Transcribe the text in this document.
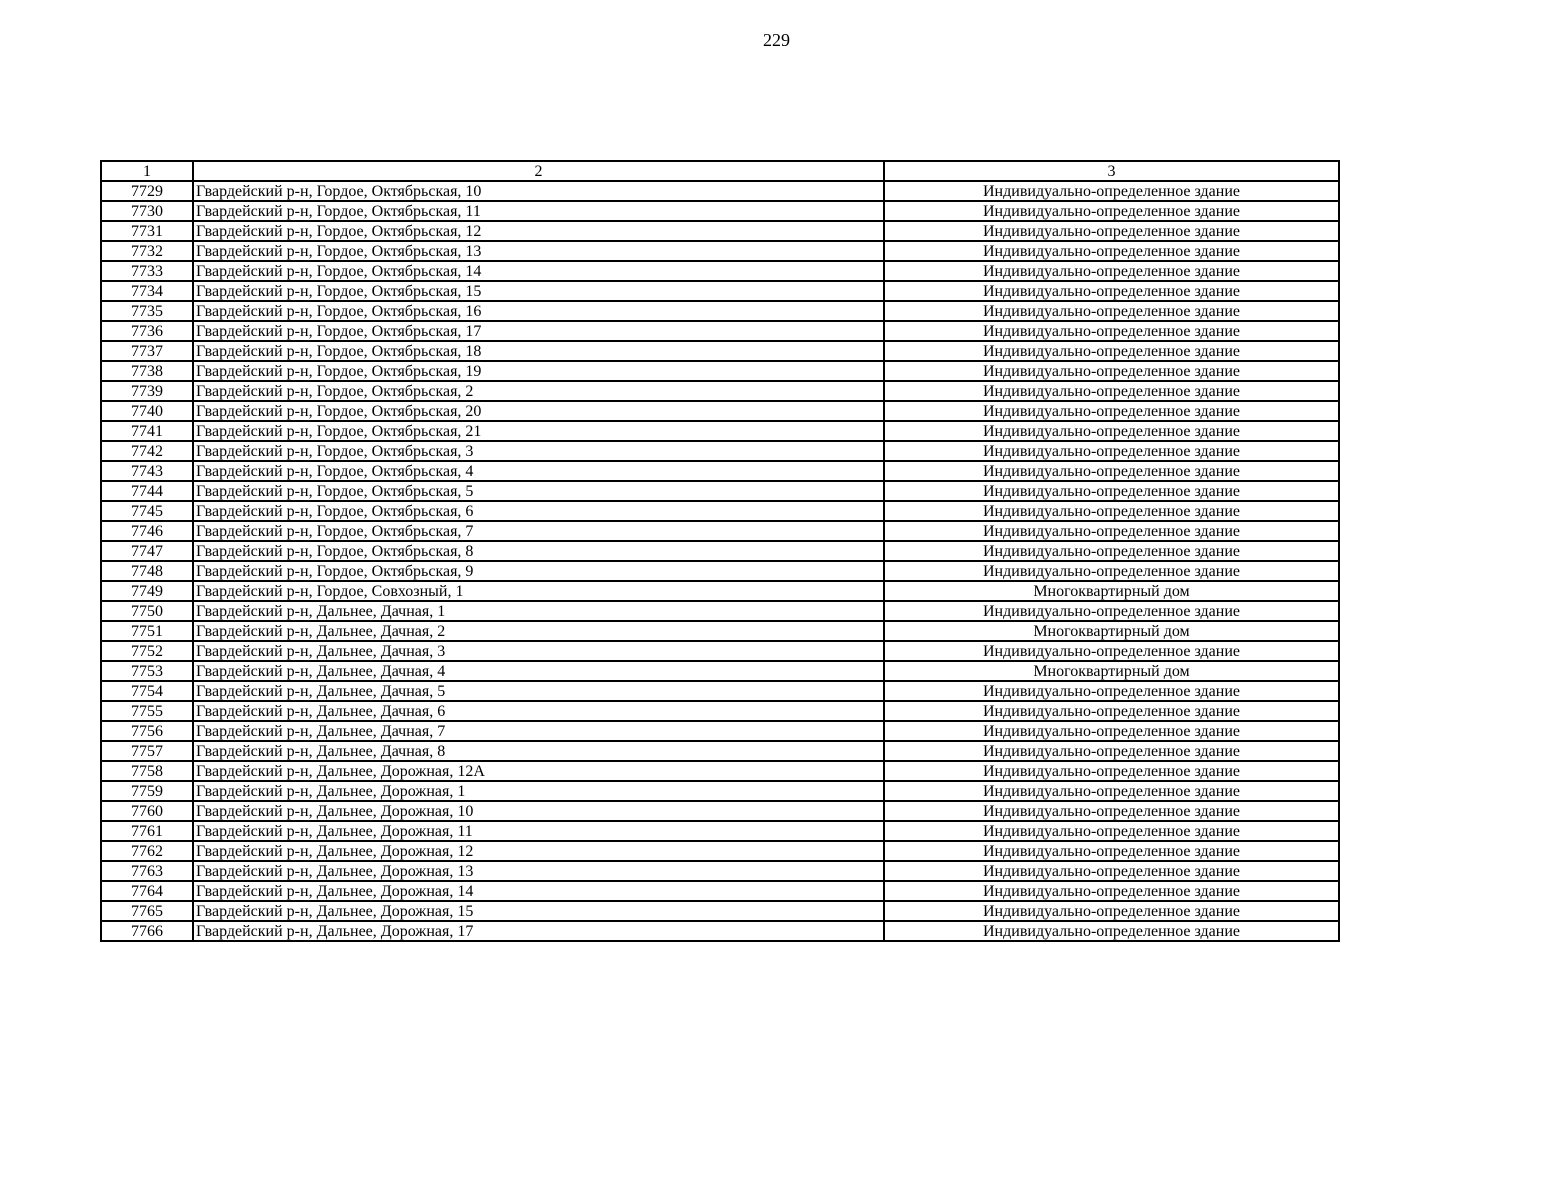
229
1	2	3
7729	Гвардейский р-н, Гордое, Октябрьская, 10	Индивидуально-определенное здание
7730	Гвардейский р-н, Гордое, Октябрьская, 11	Индивидуально-определенное здание
7731	Гвардейский р-н, Гордое, Октябрьская, 12	Индивидуально-определенное здание
7732	Гвардейский р-н, Гордое, Октябрьская, 13	Индивидуально-определенное здание
7733	Гвардейский р-н, Гордое, Октябрьская, 14	Индивидуально-определенное здание
7734	Гвардейский р-н, Гордое, Октябрьская, 15	Индивидуально-определенное здание
7735	Гвардейский р-н, Гордое, Октябрьская, 16	Индивидуально-определенное здание
7736	Гвардейский р-н, Гордое, Октябрьская, 17	Индивидуально-определенное здание
7737	Гвардейский р-н, Гордое, Октябрьская, 18	Индивидуально-определенное здание
7738	Гвардейский р-н, Гордое, Октябрьская, 19	Индивидуально-определенное здание
7739	Гвардейский р-н, Гордое, Октябрьская, 2	Индивидуально-определенное здание
7740	Гвардейский р-н, Гордое, Октябрьская, 20	Индивидуально-определенное здание
7741	Гвардейский р-н, Гордое, Октябрьская, 21	Индивидуально-определенное здание
7742	Гвардейский р-н, Гордое, Октябрьская, 3	Индивидуально-определенное здание
7743	Гвардейский р-н, Гордое, Октябрьская, 4	Индивидуально-определенное здание
7744	Гвардейский р-н, Гордое, Октябрьская, 5	Индивидуально-определенное здание
7745	Гвардейский р-н, Гордое, Октябрьская, 6	Индивидуально-определенное здание
7746	Гвардейский р-н, Гордое, Октябрьская, 7	Индивидуально-определенное здание
7747	Гвардейский р-н, Гордое, Октябрьская, 8	Индивидуально-определенное здание
7748	Гвардейский р-н, Гордое, Октябрьская, 9	Индивидуально-определенное здание
7749	Гвардейский р-н, Гордое, Совхозный, 1	Многоквартирный дом
7750	Гвардейский р-н, Дальнее, Дачная, 1	Индивидуально-определенное здание
7751	Гвардейский р-н, Дальнее, Дачная, 2	Многоквартирный дом
7752	Гвардейский р-н, Дальнее, Дачная, 3	Индивидуально-определенное здание
7753	Гвардейский р-н, Дальнее, Дачная, 4	Многоквартирный дом
7754	Гвардейский р-н, Дальнее, Дачная, 5	Индивидуально-определенное здание
7755	Гвардейский р-н, Дальнее, Дачная, 6	Индивидуально-определенное здание
7756	Гвардейский р-н, Дальнее, Дачная, 7	Индивидуально-определенное здание
7757	Гвардейский р-н, Дальнее, Дачная, 8	Индивидуально-определенное здание
7758	Гвардейский р-н, Дальнее, Дорожная, 12А	Индивидуально-определенное здание
7759	Гвардейский р-н, Дальнее, Дорожная, 1	Индивидуально-определенное здание
7760	Гвардейский р-н, Дальнее, Дорожная, 10	Индивидуально-определенное здание
7761	Гвардейский р-н, Дальнее, Дорожная, 11	Индивидуально-определенное здание
7762	Гвардейский р-н, Дальнее, Дорожная, 12	Индивидуально-определенное здание
7763	Гвардейский р-н, Дальнее, Дорожная, 13	Индивидуально-определенное здание
7764	Гвардейский р-н, Дальнее, Дорожная, 14	Индивидуально-определенное здание
7765	Гвардейский р-н, Дальнее, Дорожная, 15	Индивидуально-определенное здание
7766	Гвардейский р-н, Дальнее, Дорожная, 17	Индивидуально-определенное здание
